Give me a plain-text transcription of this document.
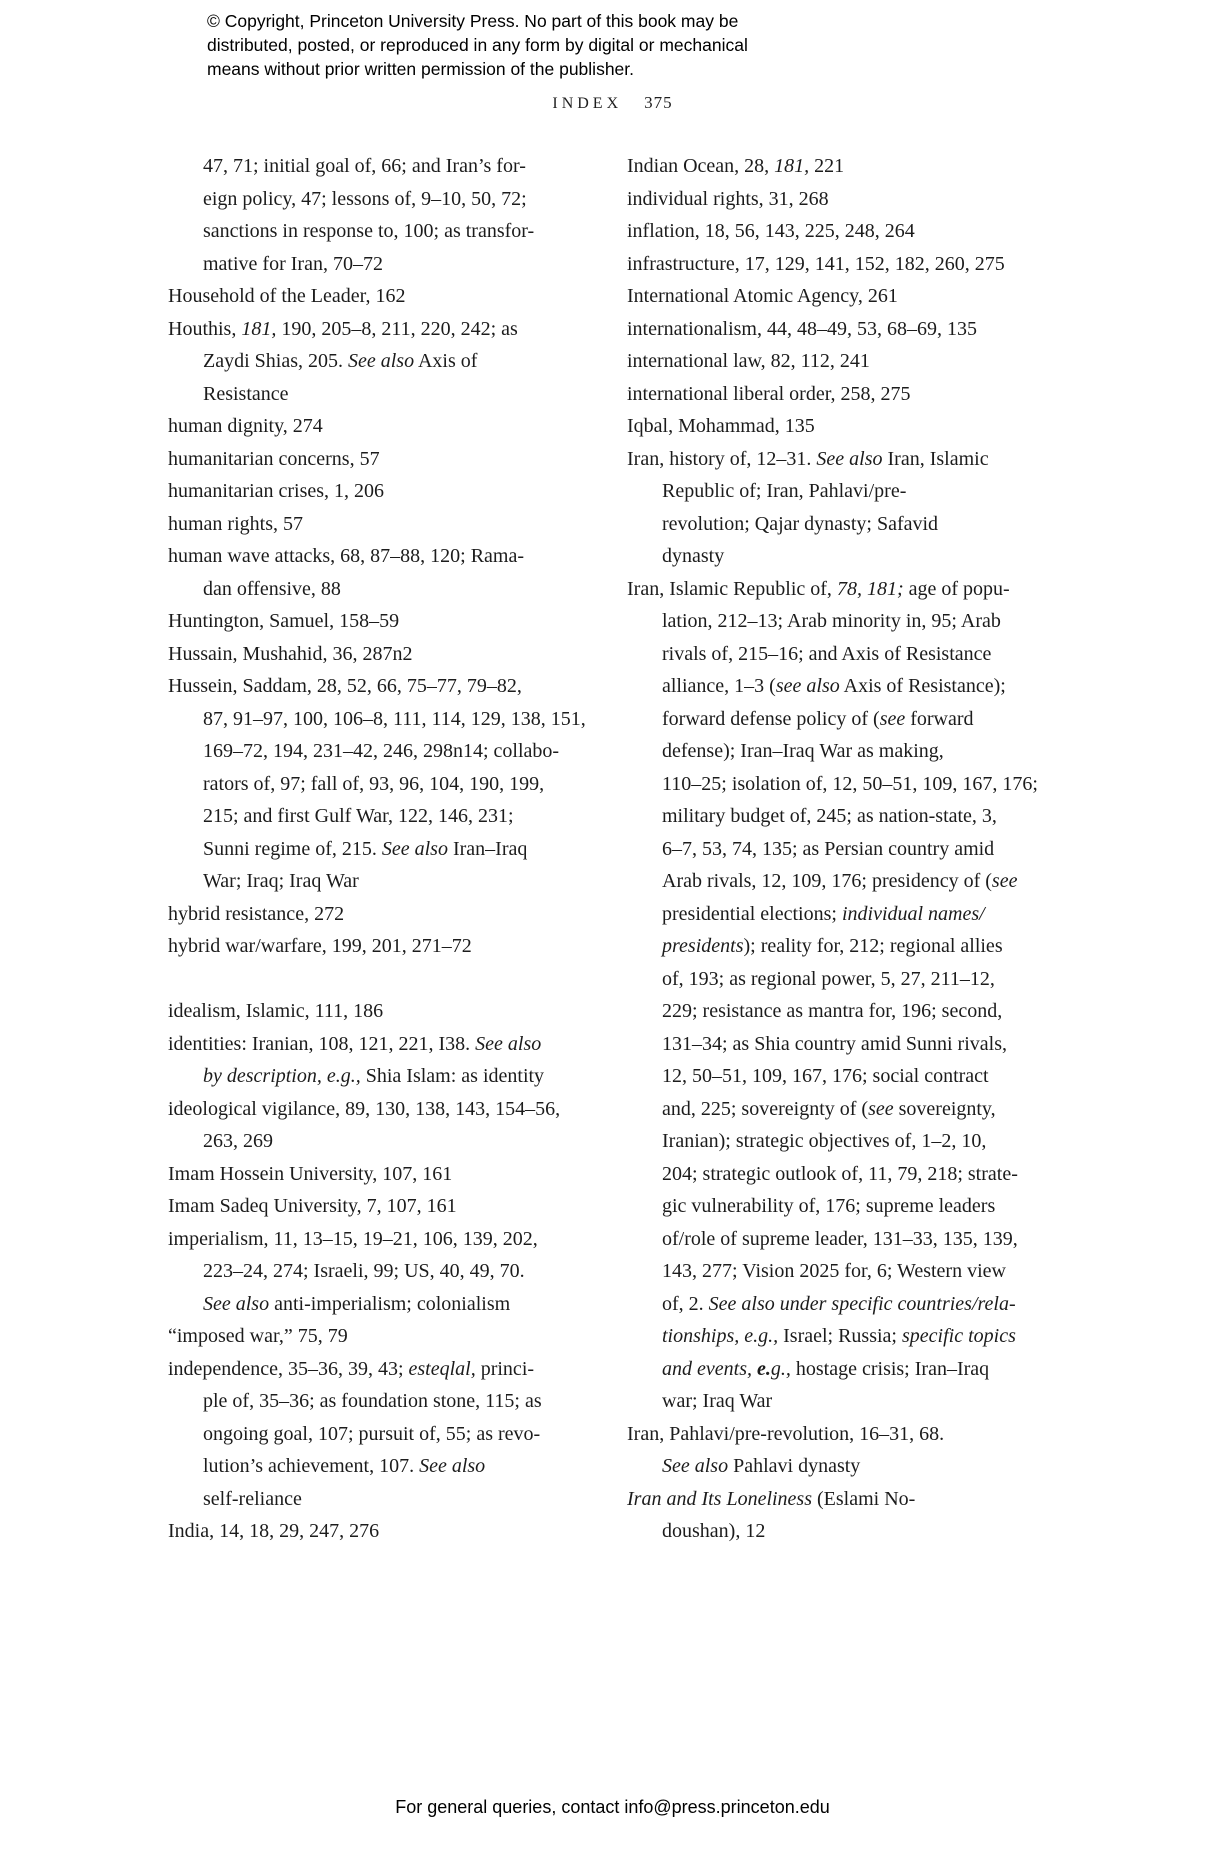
© Copyright, Princeton University Press. No part of this book may be
distributed, posted, or reproduced in any form by digital or mechanical
means without prior written permission of the publisher.
INDEX 375
47, 71; initial goal of, 66; and Iran’s for-
eign policy, 47; lessons of, 9–10, 50, 72;
sanctions in response to, 100; as transfor-
mative for Iran, 70–72
Household of the Leader, 162
Houthis, 181, 190, 205–8, 211, 220, 242; as
Zaydi Shias, 205. See also Axis of
Resistance
human dignity, 274
humanitarian concerns, 57
humanitarian crises, 1, 206
human rights, 57
human wave attacks, 68, 87–88, 120; Rama-
dan offensive, 88
Huntington, Samuel, 158–59
Hussain, Mushahid, 36, 287n2
Hussein, Saddam, 28, 52, 66, 75–77, 79–82,
87, 91–97, 100, 106–8, 111, 114, 129, 138, 151,
169–72, 194, 231–42, 246, 298n14; collabo-
rators of, 97; fall of, 93, 96, 104, 190, 199,
215; and first Gulf War, 122, 146, 231;
Sunni regime of, 215. See also Iran–Iraq
War; Iraq; Iraq War
hybrid resistance, 272
hybrid war/warfare, 199, 201, 271–72
idealism, Islamic, 111, 186
identities: Iranian, 108, 121, 221, I38. See also
by description, e.g., Shia Islam: as identity
ideological vigilance, 89, 130, 138, 143, 154–56,
263, 269
Imam Hossein University, 107, 161
Imam Sadeq University, 7, 107, 161
imperialism, 11, 13–15, 19–21, 106, 139, 202,
223–24, 274; Israeli, 99; US, 40, 49, 70.
See also anti-imperialism; colonialism
“imposed war,” 75, 79
independence, 35–36, 39, 43; esteqlal, princi-
ple of, 35–36; as foundation stone, 115; as
ongoing goal, 107; pursuit of, 55; as revo-
lution’s achievement, 107. See also
self-reliance
India, 14, 18, 29, 247, 276
Indian Ocean, 28, 181, 221
individual rights, 31, 268
inflation, 18, 56, 143, 225, 248, 264
infrastructure, 17, 129, 141, 152, 182, 260, 275
International Atomic Agency, 261
internationalism, 44, 48–49, 53, 68–69, 135
international law, 82, 112, 241
international liberal order, 258, 275
Iqbal, Mohammad, 135
Iran, history of, 12–31. See also Iran, Islamic
Republic of; Iran, Pahlavi/pre-
revolution; Qajar dynasty; Safavid
dynasty
Iran, Islamic Republic of, 78, 181; age of popu-
lation, 212–13; Arab minority in, 95; Arab
rivals of, 215–16; and Axis of Resistance
alliance, 1–3 (see also Axis of Resistance);
forward defense policy of (see forward
defense); Iran–Iraq War as making,
110–25; isolation of, 12, 50–51, 109, 167, 176;
military budget of, 245; as nation-state, 3,
6–7, 53, 74, 135; as Persian country amid
Arab rivals, 12, 109, 176; presidency of (see
presidential elections; individual names/
presidents); reality for, 212; regional allies
of, 193; as regional power, 5, 27, 211–12,
229; resistance as mantra for, 196; second,
131–34; as Shia country amid Sunni rivals,
12, 50–51, 109, 167, 176; social contract
and, 225; sovereignty of (see sovereignty,
Iranian); strategic objectives of, 1–2, 10,
204; strategic outlook of, 11, 79, 218; strate-
gic vulnerability of, 176; supreme leaders
of/role of supreme leader, 131–33, 135, 139,
143, 277; Vision 2025 for, 6; Western view
of, 2. See also under specific countries/rela-
tionships, e.g., Israel; Russia; specific topics
and events, e.g., hostage crisis; Iran–Iraq
war; Iraq War
Iran, Pahlavi/pre-revolution, 16–31, 68.
See also Pahlavi dynasty
Iran and Its Loneliness (Eslami No-
doushan), 12
For general queries, contact info@press.princeton.edu
